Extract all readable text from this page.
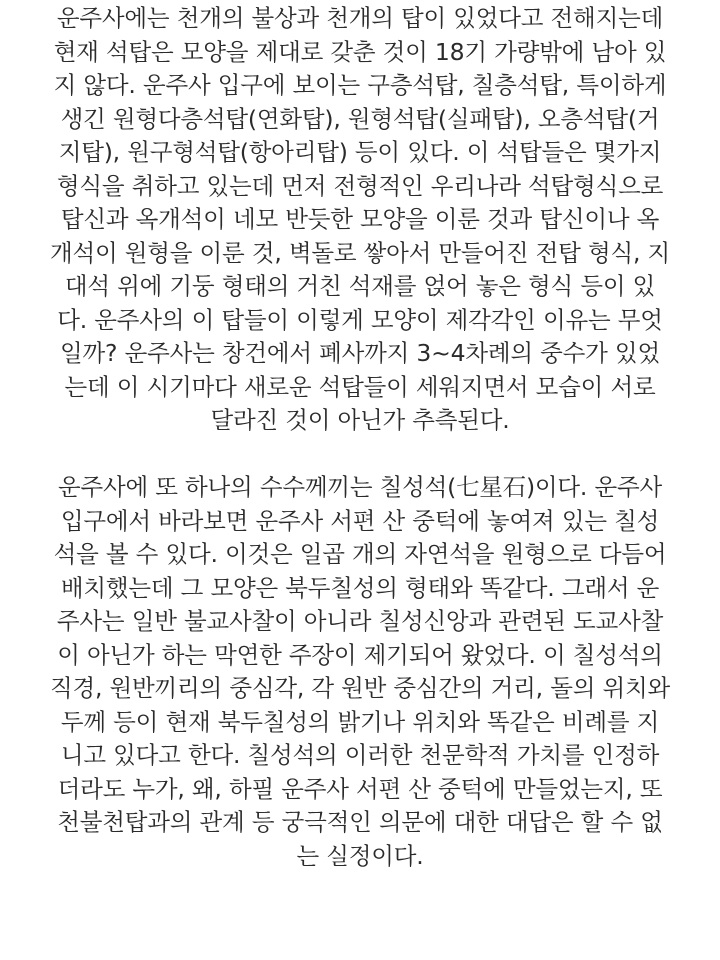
운주사에는 천개의 불상과 천개의 탑이 있었다고 전해지는데
현재 석탑은 모양을 제대로 갖춘 것이 18기 가량밖에 남아 있
지 않다. 운주사 입구에 보이는 구층석탑, 칠층석탑, 특이하게
생긴 원형다층석탑(연화탑), 원형석탑(실패탑), 오층석탑(거
지탑), 원구형석탑(항아리탑) 등이 있다. 이 석탑들은 몇가지
형식을 취하고 있는데 먼저 전형적인 우리나라 석탑형식으로
탑신과 옥개석이 네모 반듯한 모양을 이룬 것과 탑신이나 옥
개석이 원형을 이룬 것, 벽돌로 쌓아서 만들어진 전탑 형식, 지
대석 위에 기둥 형태의 거친 석재를 얹어 놓은 형식 등이 있
다. 운주사의 이 탑들이 이렇게 모양이 제각각인 이유는 무엇
일까? 운주사는 창건에서 폐사까지 3~4차례의 중수가 있었
는데 이 시기마다 새로운 석탑들이 세워지면서 모습이 서로
달라진 것이 아닌가 추측된다.
운주사에 또 하나의 수수께끼는 칠성석(七星石)이다. 운주사
입구에서 바라보면 운주사 서편 산 중턱에 놓여져 있는 칠성
석을 볼 수 있다. 이것은 일곱 개의 자연석을 원형으로 다듬어
배치했는데 그 모양은 북두칠성의 형태와 똑같다. 그래서 운
주사는 일반 불교사찰이 아니라 칠성신앙과 관련된 도교사찰
이 아닌가 하는 막연한 주장이 제기되어 왔었다. 이 칠성석의
직경, 원반끼리의 중심각, 각 원반 중심간의 거리, 돌의 위치와
두께 등이 현재 북두칠성의 밝기나 위치와 똑같은 비례를 지
니고 있다고 한다. 칠성석의 이러한 천문학적 가치를 인정하
더라도 누가, 왜, 하필 운주사 서편 산 중턱에 만들었는지, 또
천불천탑과의 관계 등 궁극적인 의문에 대한 대답은 할 수 없
는 실정이다.
